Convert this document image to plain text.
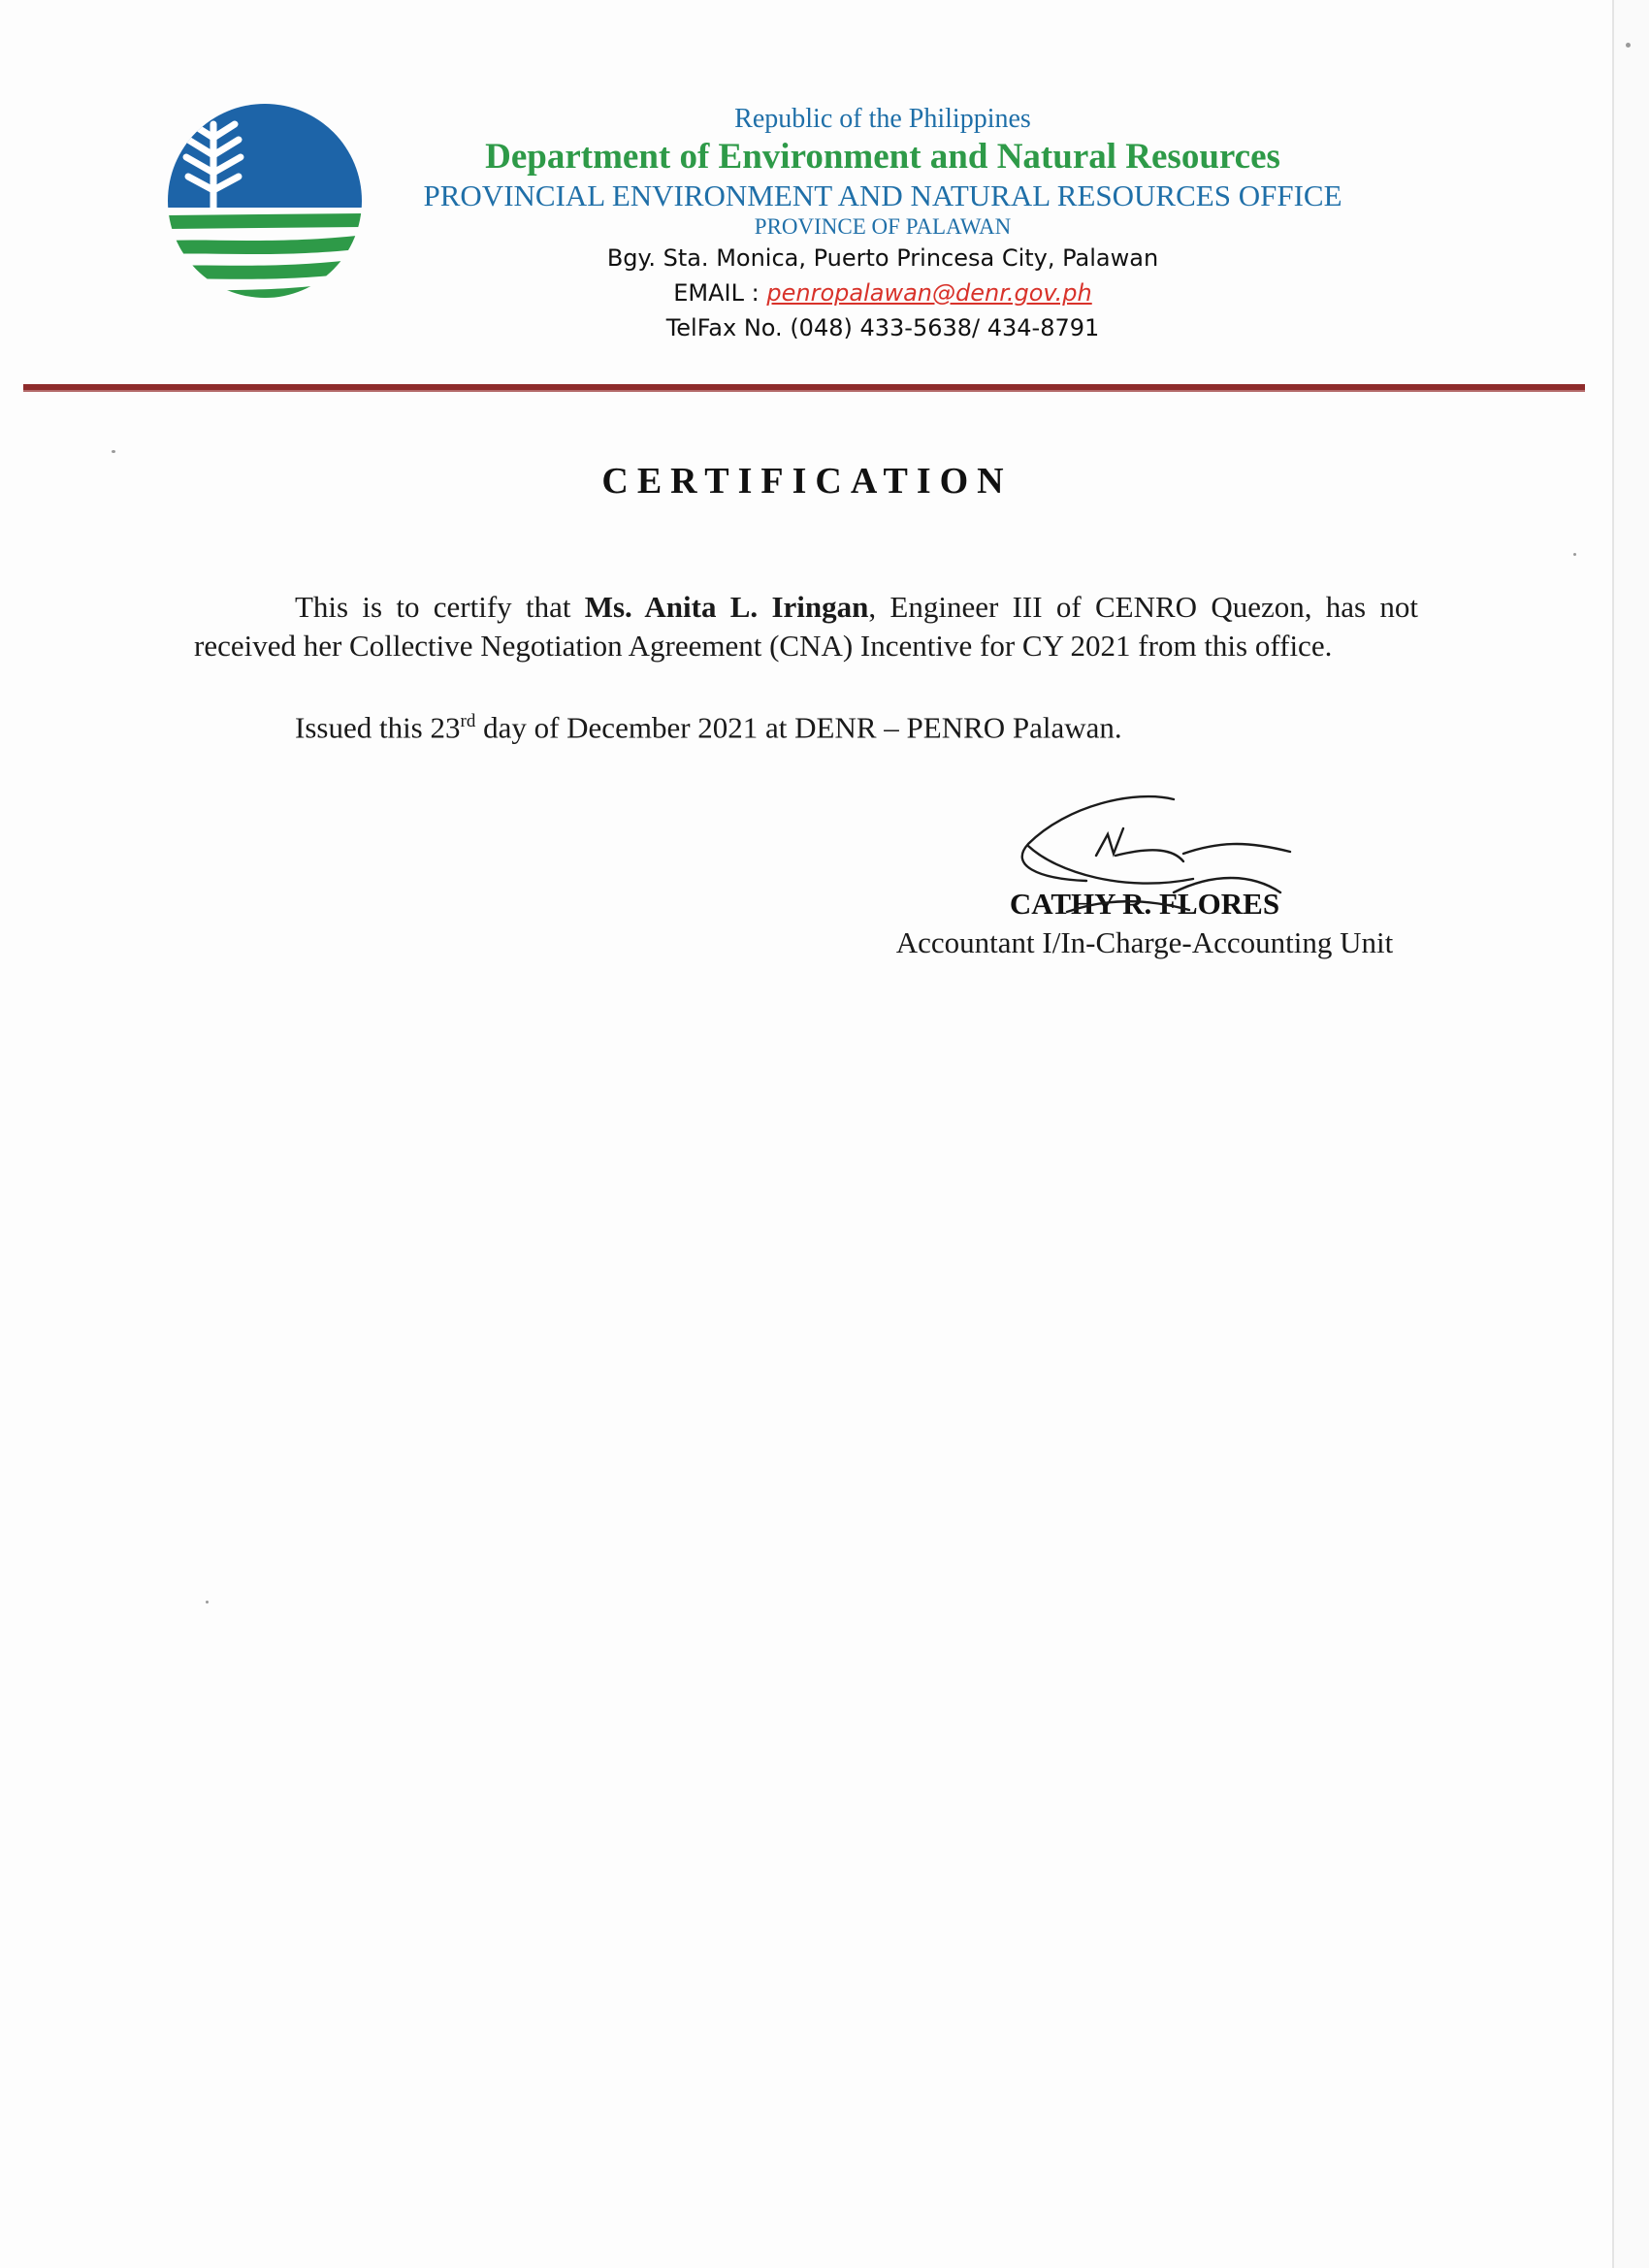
Republic of the Philippines
Department of Environment and Natural Resources
PROVINCIAL ENVIRONMENT AND NATURAL RESOURCES OFFICE
PROVINCE OF PALAWAN
Bgy. Sta. Monica, Puerto Princesa City, Palawan
EMAIL : penropalawan@denr.gov.ph
TelFax No. (048) 433-5638/ 434-8791
CERTIFICATION
This is to certify that Ms. Anita L. Iringan, Engineer III of CENRO Quezon, has not received her Collective Negotiation Agreement (CNA) Incentive for CY 2021 from this office.
Issued this 23rd day of December 2021 at DENR – PENRO Palawan.
CATHY R. FLORES
Accountant I/In-Charge-Accounting Unit
